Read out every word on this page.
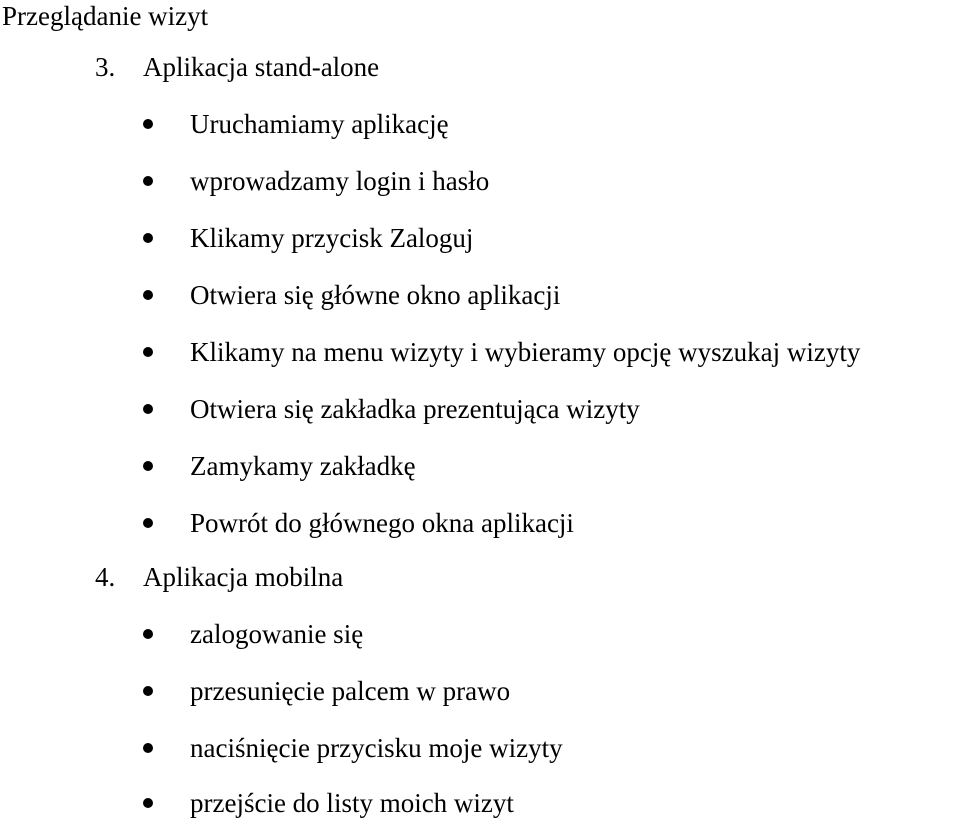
Przeglądanie wizyt
3. Aplikacja stand-alone
Uruchamiamy aplikację
wprowadzamy login i hasło
Klikamy przycisk Zaloguj
Otwiera się główne okno aplikacji
Klikamy na menu wizyty i wybieramy opcję wyszukaj wizyty
Otwiera się zakładka prezentująca wizyty
Zamykamy zakładkę
Powrót do głównego okna aplikacji
4. Aplikacja mobilna
zalogowanie się
przesunięcie palcem w prawo
naciśnięcie przycisku moje wizyty
przejście do listy moich wizyt
